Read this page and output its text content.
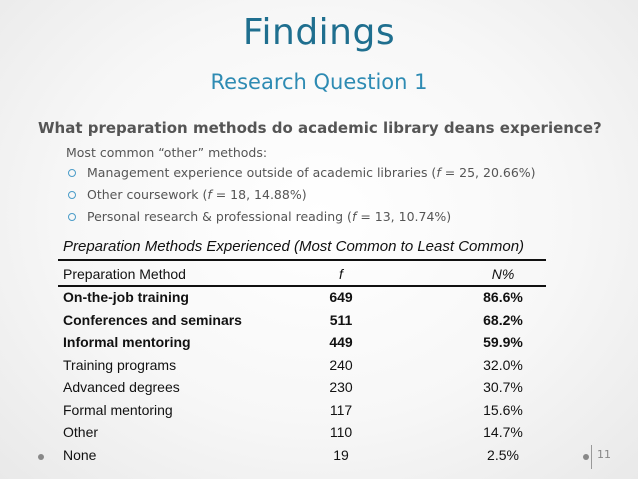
Findings
Research Question 1
What preparation methods do academic library deans experience?
Most common “other” methods:
Management experience outside of academic libraries (f = 25, 20.66%)
Other coursework (f = 18, 14.88%)
Personal research & professional reading (f = 13, 10.74%)
Preparation Methods Experienced (Most Common to Least Common)
Preparation Method	f	N%
On-the-job training	649	86.6%
Conferences and seminars	511	68.2%
Informal mentoring	449	59.9%
Training programs	240	32.0%
Advanced degrees	230	30.7%
Formal mentoring	117	15.6%
Other	110	14.7%
None	19	2.5%	11
